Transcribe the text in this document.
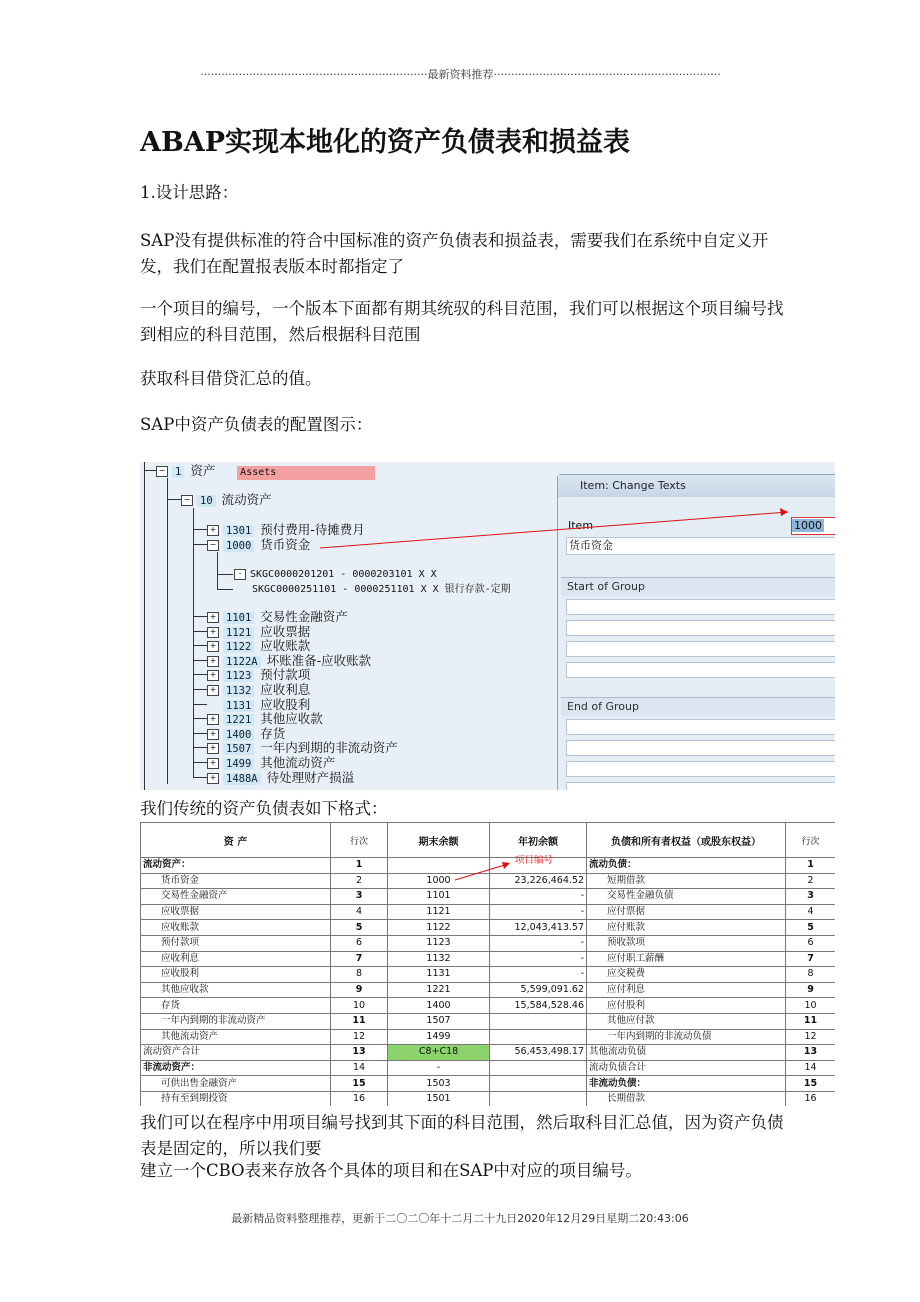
·································································最新资料推荐·································································
ABAP实现本地化的资产负债表和损益表
1.设计思路：
SAP没有提供标准的符合中国标准的资产负债表和损益表，需要我们在系统中自定义开发，我们在配置报表版本时都指定了
一个项目的编号，一个版本下面都有期其统驭的科目范围，我们可以根据这个项目编号找到相应的科目范围，然后根据科目范围
获取科目借贷汇总的值。
SAP中资产负债表的配置图示：
− 1 资产 Assets
− 10 流动资产
+ 1301 预付费用-待摊费月
− 1000 货币资金
· SKGC0000201201 - 0000203101 X X
SKGC0000251101 - 0000251101 X X 银行存款-定期
+ 1101 交易性金融资产
+ 1121 应收票据
+ 1122 应收账款
+ 1122A 坏账准备-应收账款
+ 1123 预付款项
+ 1132 应收利息
1131 应收股利
+ 1221 其他应收款
+ 1400 存货
+ 1507 一年内到期的非流动资产
+ 1499 其他流动资产
+ 1488A 待处理财产损溢
Item: Change Texts
Item	1000
货币资金
Start of Group
End of Group
我们传统的资产负债表如下格式：
资 产	行次	期末余额	年初余额	负债和所有者权益（或股东权益）	行次
流动资产：	1			流动负债：	1
货币资金	2	1000	23,226,464.52	短期借款	2
交易性金融资产	3	1101	-	交易性金融负债	3
应收票据	4	1121	-	应付票据	4
应收账款	5	1122	12,043,413.57	应付账款	5
预付款项	6	1123	-	预收款项	6
应收利息	7	1132	-	应付职工薪酬	7
应收股利	8	1131	-	应交税费	8
其他应收款	9	1221	5,599,091.62	应付利息	9
存货	10	1400	15,584,528.46	应付股利	10
一年内到期的非流动资产	11	1507		其他应付款	11
其他流动资产	12	1499		一年内到期的非流动负债	12
流动资产合计	13	C8+C18	56,453,498.17	其他流动负债	13
非流动资产：	14	-		流动负债合计	14
可供出售金融资产	15	1503		非流动负债：	15
持有至到期投资	16	1501		长期借款	16
项目编号
我们可以在程序中用项目编号找到其下面的科目范围，然后取科目汇总值，因为资产负债表是固定的，所以我们要
建立一个CBO表来存放各个具体的项目和在SAP中对应的项目编号。
最新精品资料整理推荐，更新于二〇二〇年十二月二十九日2020年12月29日星期二20:43:06
